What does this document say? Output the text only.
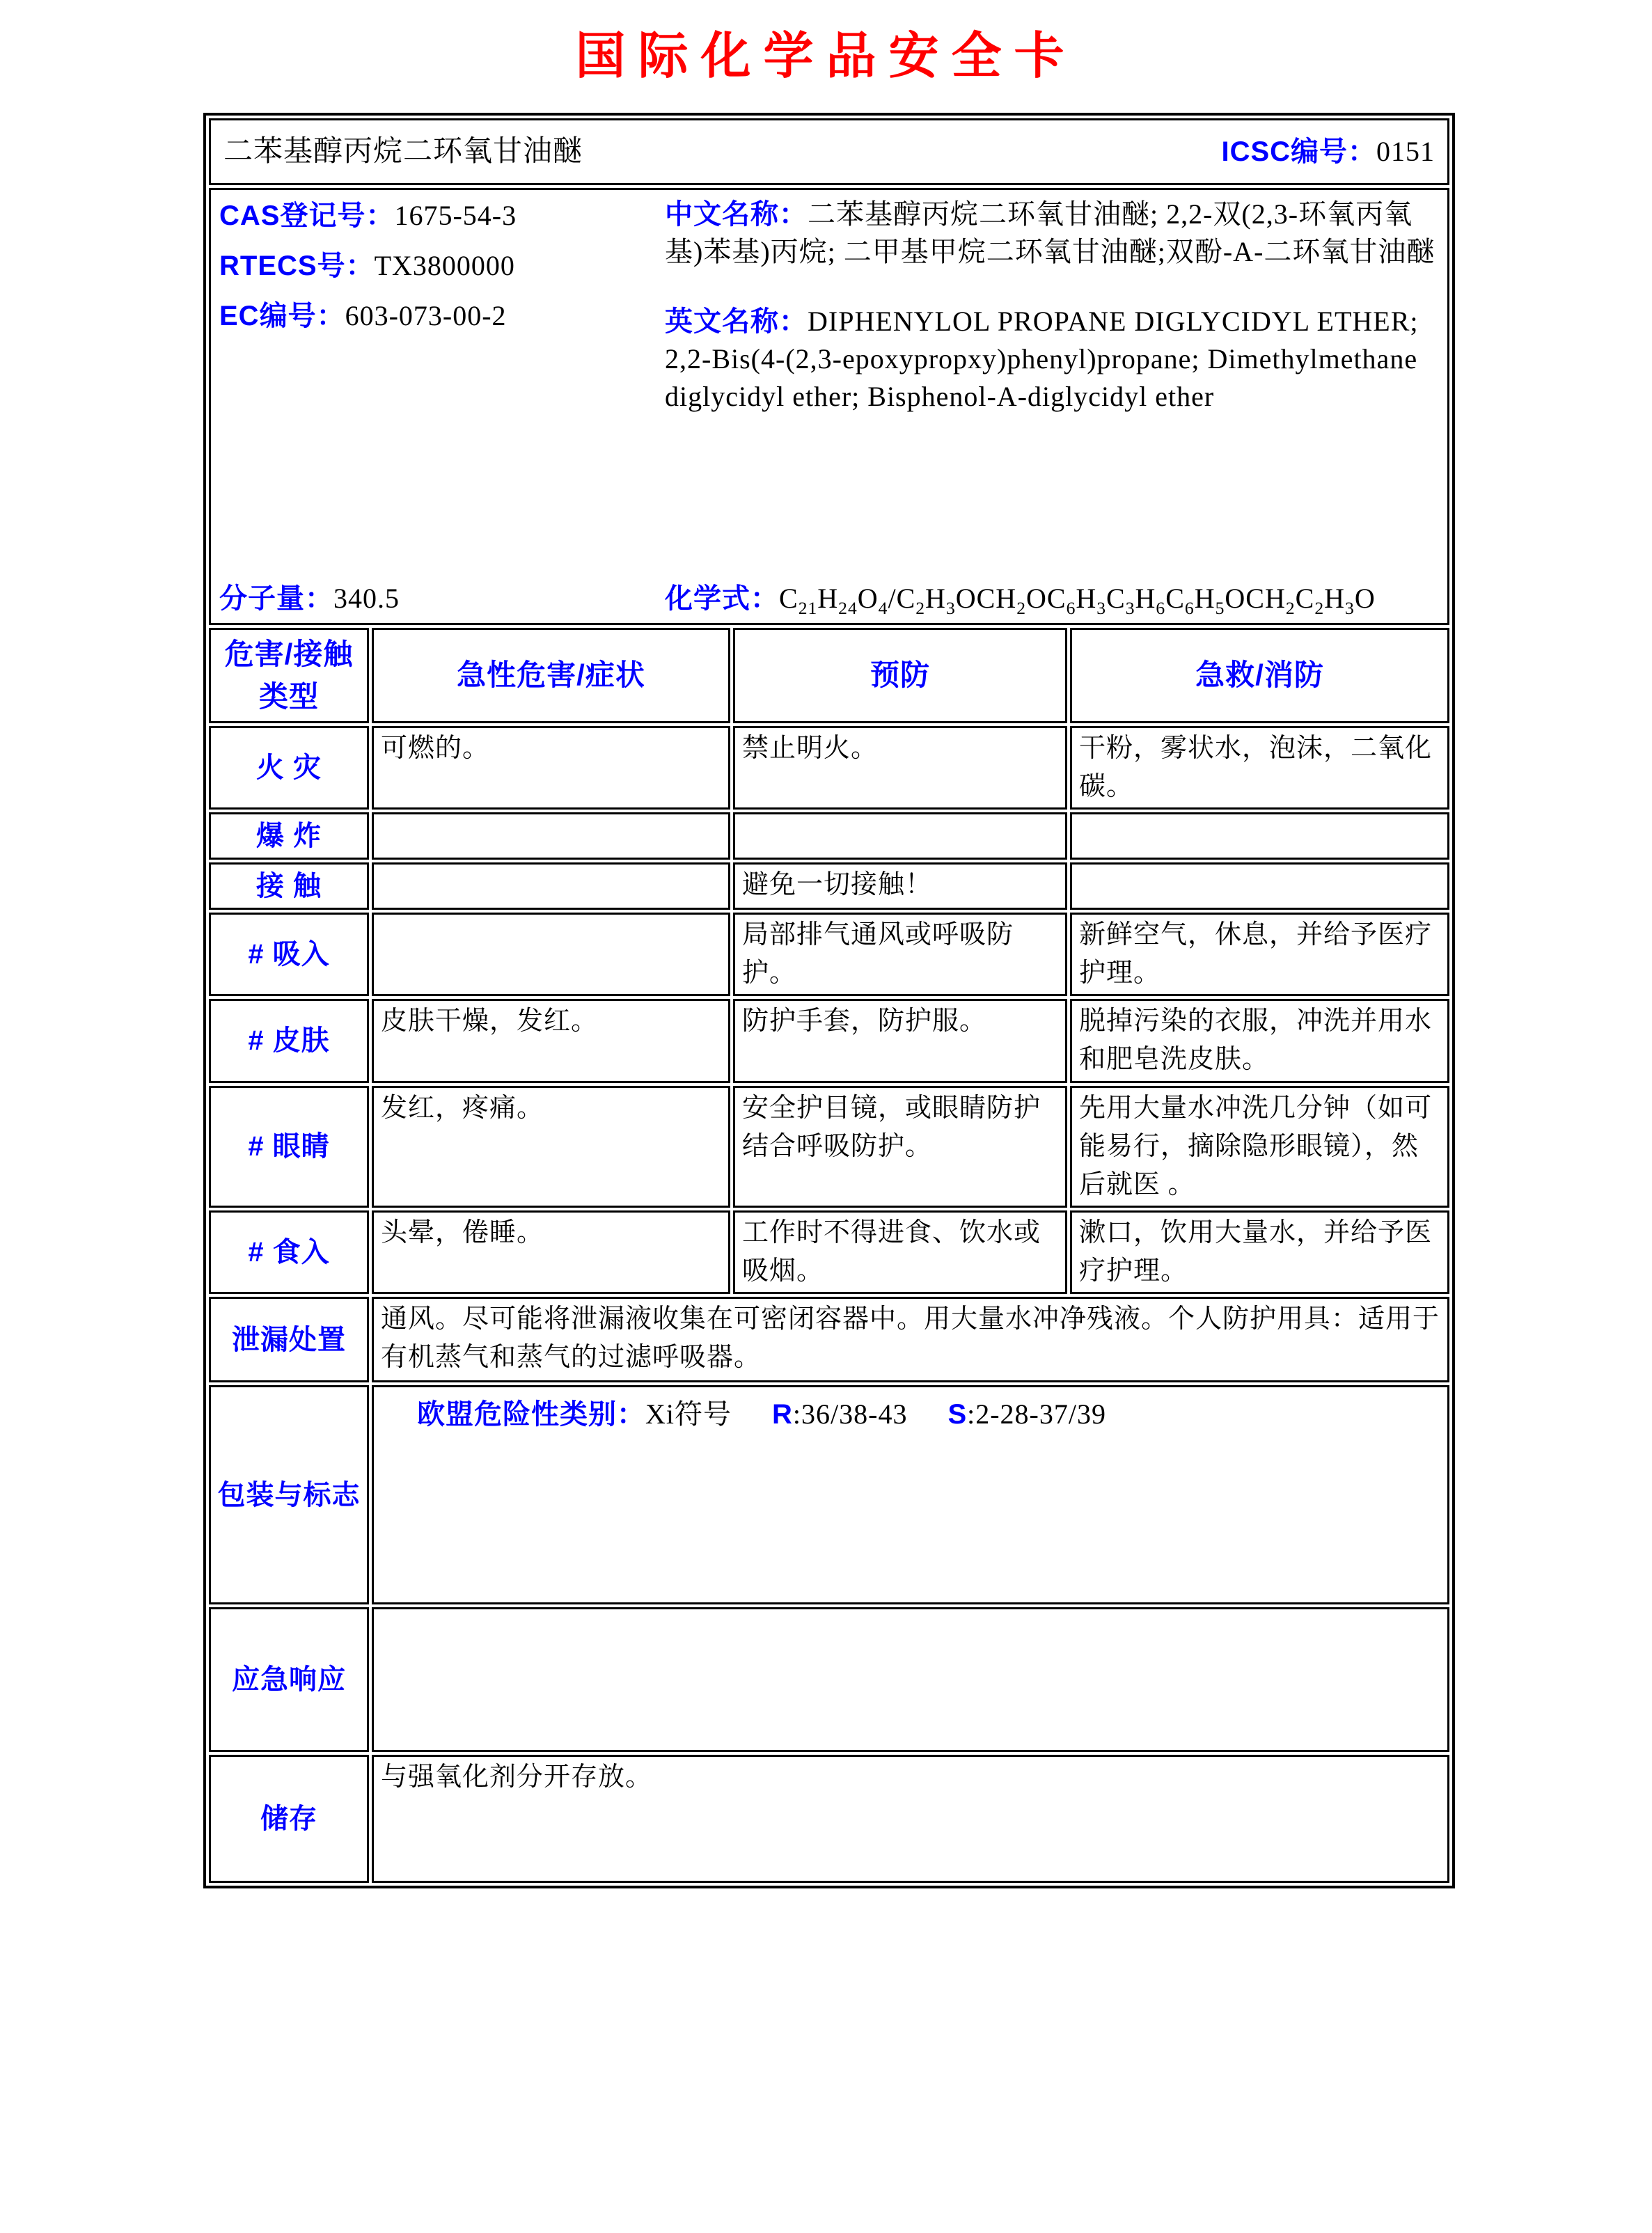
国际化学品安全卡
二苯基醇丙烷二环氧甘油醚 ICSC编号：0151			

CAS登记号：1675-54-3
RTECS号：TX3800000
EC编号：603-073-00-2
分子量：340.5

中文名称：二苯基醇丙烷二环氧甘油醚; 2,2-双(2,3-环氧丙氧基)苯基)丙烷; 二甲基甲烷二环氧甘油醚;双酚-A-二环氧甘油醚

英文名称：DIPHENYLOL PROPANE DIGLYCIDYL ETHER; 2,2-Bis(4-(2,3-epoxypropxy)phenyl)propane; Dimethylmethane diglycidyl ether; Bisphenol-A-diglycidyl ether

化学式：$C_{21}H_{24}O_4/C_2H_3OCH_2OC_6H_3C_3H_6C_6H_5OCH_2C_2H_3O$

危害/接触类型	急性危害/症状	预防	急救/消防
火 灾	可燃的。	禁止明火。	干粉，雾状水，泡沫，二氧化碳。
爆 炸			
接 触		避免一切接触！	
# 吸入		局部排气通风或呼吸防护。	新鲜空气，休息，并给予医疗护理。
# 皮肤	皮肤干燥，发红。	防护手套，防护服。	脱掉污染的衣服，冲洗并用水和肥皂洗皮肤。
# 眼睛	发红，疼痛。	安全护目镜，或眼睛防护结合呼吸防护。	先用大量水冲洗几分钟（如可能易行，摘除隐形眼镜），然后就医 。
# 食入	头晕，倦睡。	工作时不得进食、饮水或吸烟。	漱口，饮用大量水，并给予医疗护理。
泄漏处置	通风。尽可能将泄漏液收集在可密闭容器中。用大量水冲净残液。个人防护用具：适用于有机蒸气和蒸气的过滤呼吸器。		
包装与标志	欧盟危险性类别：Xi符号 R:36/38-43 S:2-28-37/39		

应急响应			
储存	与强氧化剂分开存放。		
